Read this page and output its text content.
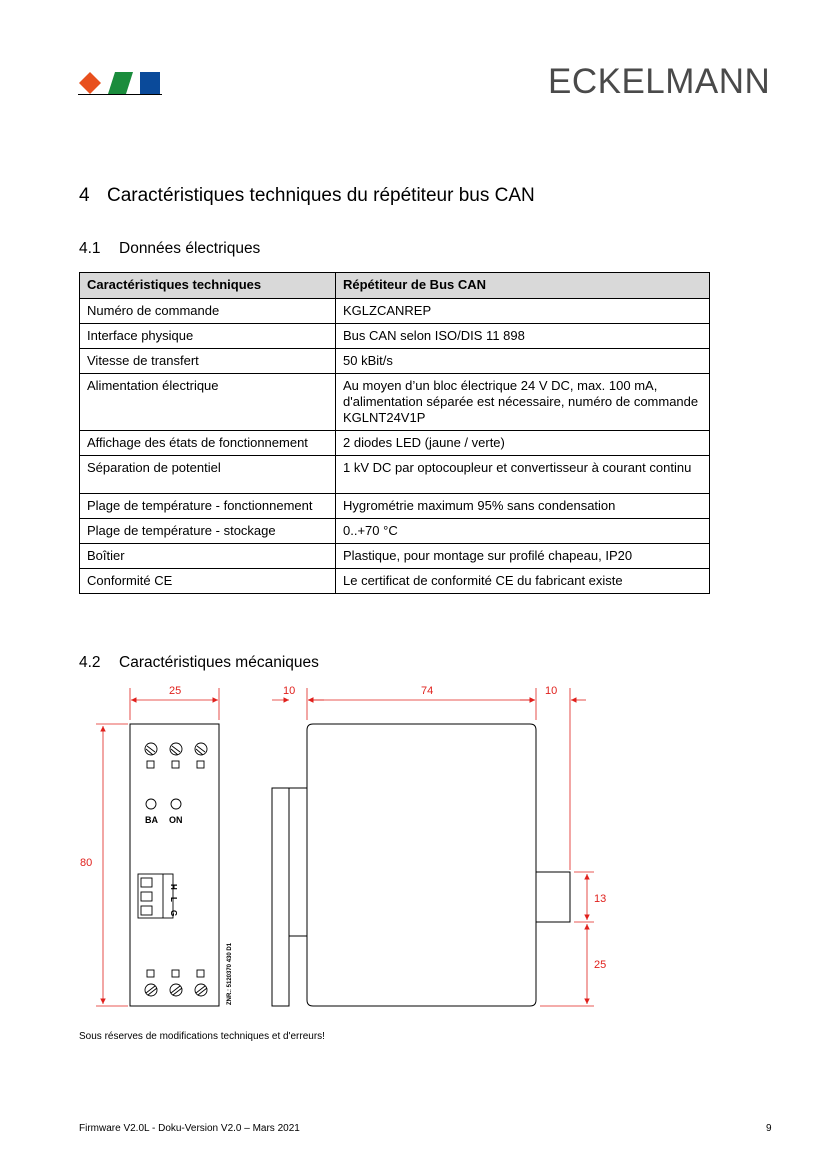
ECKELMANN
4 Caractéristiques techniques du répétiteur bus CAN
4.1 Données électriques
Caractéristiques techniques	Répétiteur de Bus CAN
Numéro de commande	KGLZCANREP
Interface physique	Bus CAN selon ISO/DIS 11 898
Vitesse de transfert	50 kBit/s
Alimentation électrique	Au moyen d’un bloc électrique 24 V DC, max. 100 mA, d'alimentation séparée est nécessaire, numéro de commande KGLNT24V1P
Affichage des états de fonctionnement	2 diodes LED (jaune / verte)
Séparation de potentiel	1 kV DC par optocoupleur et convertisseur à courant continu
Plage de température - fonctionnement	Hygrométrie maximum 95% sans condensation
Plage de température - stockage	0..+70 °C
Boîtier	Plastique, pour montage sur profilé chapeau, IP20
Conformité CE	Le certificat de conformité CE du fabricant existe
4.2 Caractéristiques mécaniques
BA ON
H
L
G
ZNR.: 5120370 430 D1
25
80
10	74	10
13
25
Sous réserves de modifications techniques et d'erreurs!
Firmware V2.0L - Doku-Version V2.0 – Mars 2021	9
